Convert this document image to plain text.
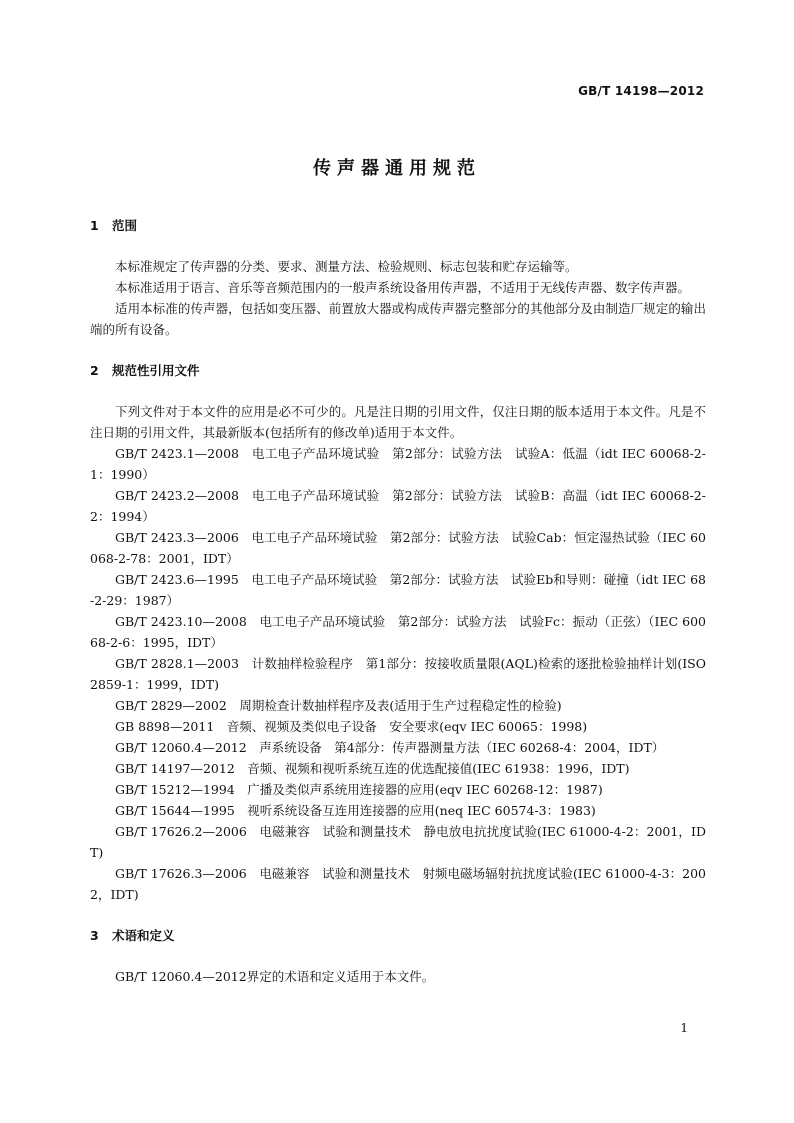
GB/T 14198—2012
传声器通用规范
1 范围

本标准规定了传声器的分类、要求、测量方法、检验规则、标志包装和贮存运输等。

本标准适用于语言、音乐等音频范围内的一般声系统设备用传声器，不适用于无线传声器、数字传声器。

适用本标准的传声器，包括如变压器、前置放大器或构成传声器完整部分的其他部分及由制造厂规定的输出端的所有设备。

2 规范性引用文件

下列文件对于本文件的应用是必不可少的。凡是注日期的引用文件，仅注日期的版本适用于本文件。凡是不注日期的引用文件，其最新版本(包括所有的修改单)适用于本文件。

GB/T 2423.1—2008　电工电子产品环境试验　第2部分：试验方法　试验A：低温（idt IEC 60068-2-1：1990）

GB/T 2423.2—2008　电工电子产品环境试验　第2部分：试验方法　试验B：高温（idt IEC 60068-2-2：1994）

GB/T 2423.3—2006　电工电子产品环境试验　第2部分：试验方法　试验Cab：恒定湿热试验（IEC 60068-2-78：2001，IDT）

GB/T 2423.6—1995　电工电子产品环境试验　第2部分：试验方法　试验Eb和导则：碰撞（idt IEC 68-2-29：1987）

GB/T 2423.10—2008　电工电子产品环境试验　第2部分：试验方法　试验Fc：振动（正弦）（IEC 60068-2-6：1995，IDT）

GB/T 2828.1—2003　计数抽样检验程序　第1部分：按接收质量限(AQL)检索的逐批检验抽样计划(ISO 2859-1：1999，IDT)

GB/T 2829—2002　周期检查计数抽样程序及表(适用于生产过程稳定性的检验)

GB 8898—2011　音频、视频及类似电子设备　安全要求(eqv IEC 60065：1998)

GB/T 12060.4—2012　声系统设备　第4部分：传声器测量方法（IEC 60268-4：2004，IDT）

GB/T 14197—2012　音频、视频和视听系统互连的优选配接值(IEC 61938：1996，IDT)

GB/T 15212—1994　广播及类似声系统用连接器的应用(eqv IEC 60268-12：1987)

GB/T 15644—1995　视听系统设备互连用连接器的应用(neq IEC 60574-3：1983)

GB/T 17626.2—2006　电磁兼容　试验和测量技术　静电放电抗扰度试验(IEC 61000-4-2：2001，IDT)

GB/T 17626.3—2006　电磁兼容　试验和测量技术　射频电磁场辐射抗扰度试验(IEC 61000-4-3：2002，IDT)

3 术语和定义

GB/T 12060.4—2012界定的术语和定义适用于本文件。

1
